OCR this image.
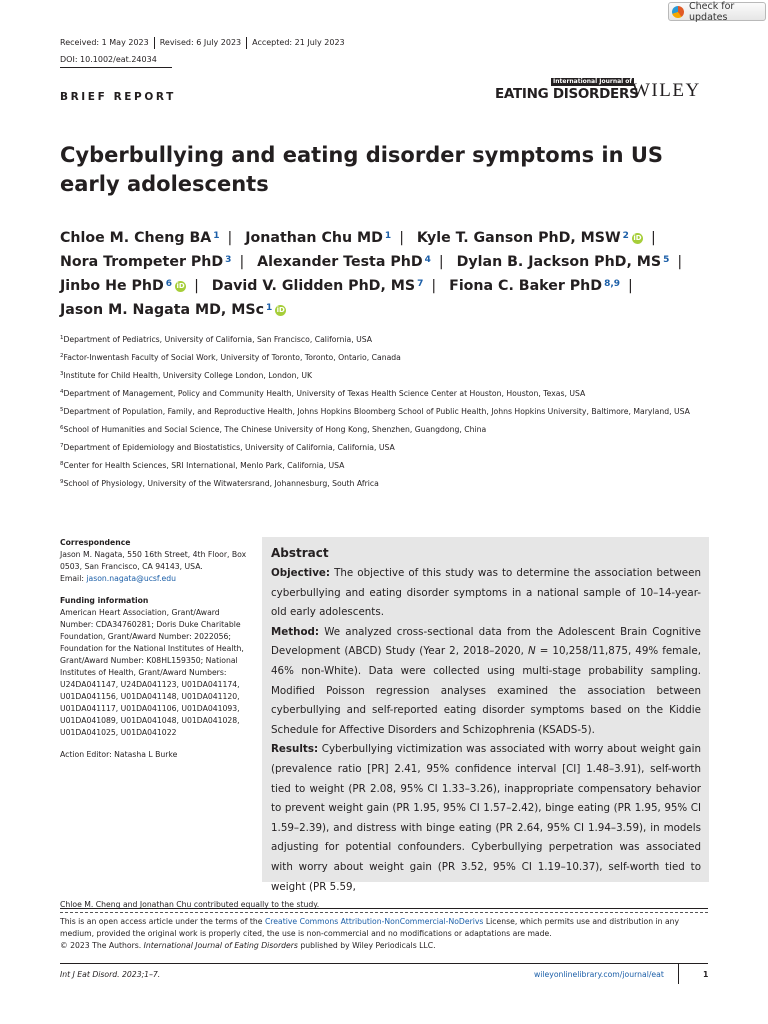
Check for updates
Received: 1 May 2023	Revised: 6 July 2023	Accepted: 21 July 2023
DOI: 10.1002/eat.24034
BRIEF REPORT
International Journal of
EATING DISORDERS
WILEY
Cyberbullying and eating disorder symptoms in US early adolescents
Chloe M. Cheng BA $^1$ | Jonathan Chu MD $^1$ | Kyle T. Ganson PhD, MSW $^2$ iD |
Nora Trompeter PhD $^3$ | Alexander Testa PhD $^4$ | Dylan B. Jackson PhD, MS $^5$ |
Jinbo He PhD $^6$ iD | David V. Glidden PhD, MS $^7$ | Fiona C. Baker PhD $^{8,9}$ |
Jason M. Nagata MD, MSc $^1$ iD

$^1$Department of Pediatrics, University of California, San Francisco, California, USA

$^2$Factor-Inwentash Faculty of Social Work, University of Toronto, Toronto, Ontario, Canada

$^3$Institute for Child Health, University College London, London, UK

$^4$Department of Management, Policy and Community Health, University of Texas Health Science Center at Houston, Houston, Texas, USA

$^5$Department of Population, Family, and Reproductive Health, Johns Hopkins Bloomberg School of Public Health, Johns Hopkins University, Baltimore, Maryland, USA

$^6$School of Humanities and Social Science, The Chinese University of Hong Kong, Shenzhen, Guangdong, China

$^7$Department of Epidemiology and Biostatistics, University of California, California, USA

$^8$Center for Health Sciences, SRI International, Menlo Park, California, USA

$^9$School of Physiology, University of the Witwatersrand, Johannesburg, South Africa

Correspondence
Jason M. Nagata, 550 16th Street, 4th Floor, Box 0503, San Francisco, CA 94143, USA.
Email: jason.nagata@ucsf.edu
Funding information
American Heart Association, Grant/Award Number: CDA34760281; Doris Duke Charitable Foundation, Grant/Award Number: 2022056; Foundation for the National Institutes of Health, Grant/Award Number: K08HL159350; National Institutes of Health, Grant/Award Numbers: U24DA041147, U24DA041123, U01DA041174, U01DA041156, U01DA041148, U01DA041120, U01DA041117, U01DA041106, U01DA041093, U01DA041089, U01DA041048, U01DA041028, U01DA041025, U01DA041022
Action Editor: Natasha L Burke
Abstract

Objective: The objective of this study was to determine the association between cyberbullying and eating disorder symptoms in a national sample of 10–14-year-old early adolescents.

Method: We analyzed cross-sectional data from the Adolescent Brain Cognitive Development (ABCD) Study (Year 2, 2018–2020, N = 10,258/11,875, 49% female, 46% non-White). Data were collected using multi-stage probability sampling. Modified Poisson regression analyses examined the association between cyberbullying and self-reported eating disorder symptoms based on the Kiddie Schedule for Affective Disorders and Schizophrenia (KSADS-5).

Results: Cyberbullying victimization was associated with worry about weight gain (prevalence ratio [PR] 2.41, 95% confidence interval [CI] 1.48–3.91), self-worth tied to weight (PR 2.08, 95% CI 1.33–3.26), inappropriate compensatory behavior to prevent weight gain (PR 1.95, 95% CI 1.57–2.42), binge eating (PR 1.95, 95% CI 1.59–2.39), and distress with binge eating (PR 2.64, 95% CI 1.94–3.59), in models adjusting for potential confounders. Cyberbullying perpetration was associated with worry about weight gain (PR 3.52, 95% CI 1.19–10.37), self-worth tied to weight (PR 5.59,

Chloe M. Cheng and Jonathan Chu contributed equally to the study.
This is an open access article under the terms of the Creative Commons Attribution-NonCommercial-NoDerivs License, which permits use and distribution in any medium, provided the original work is properly cited, the use is non-commercial and no modifications or adaptations are made.
© 2023 The Authors. International Journal of Eating Disorders published by Wiley Periodicals LLC.
Int J Eat Disord. 2023;1–7.	wileyonlinelibrary.com/journal/eat	1
